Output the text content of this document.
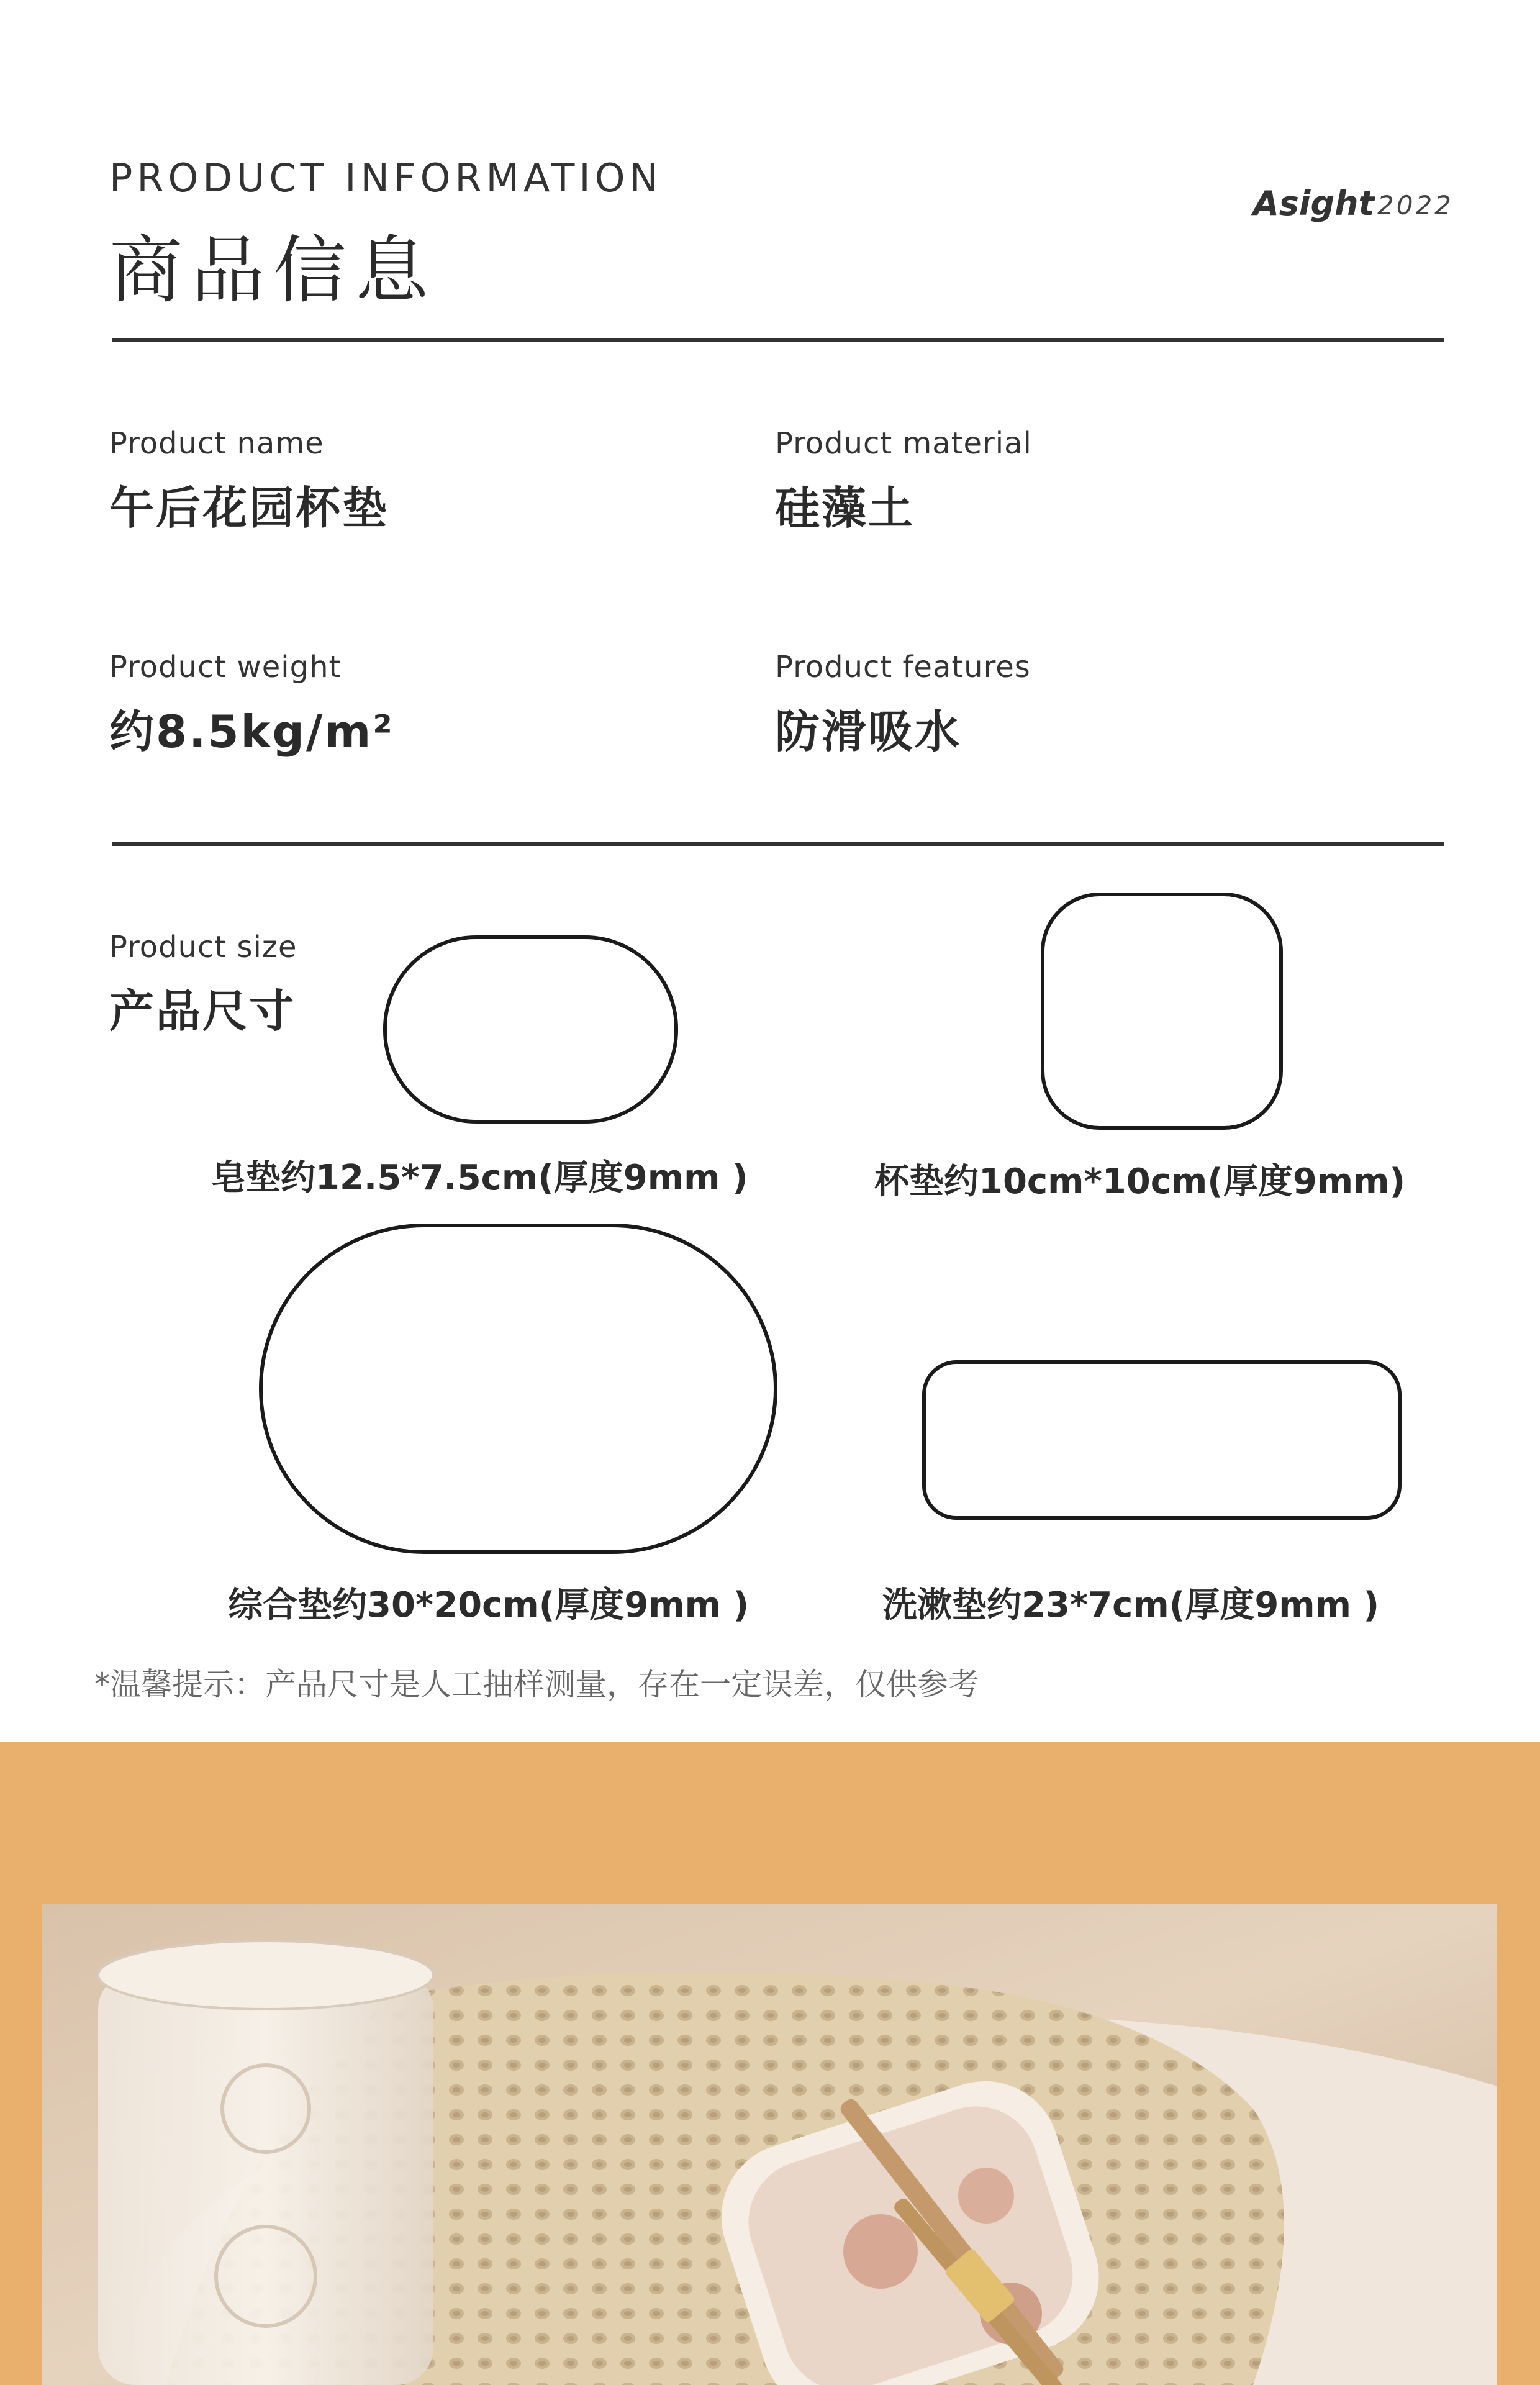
PRODUCT INFORMATION
商品信息
Asight 2022
Product name
午后花园杯垫
Product material
硅藻土
Product weight
约8.5kg/m²
Product features
防滑吸水
Product size
产品尺寸
皂垫约12.5*7.5cm(厚度9mm )	杯垫约10cm*10cm(厚度9mm)
综合垫约30*20cm(厚度9mm )	洗漱垫约23*7cm(厚度9mm )
*温馨提示：产品尺寸是人工抽样测量，存在一定误差，仅供参考
